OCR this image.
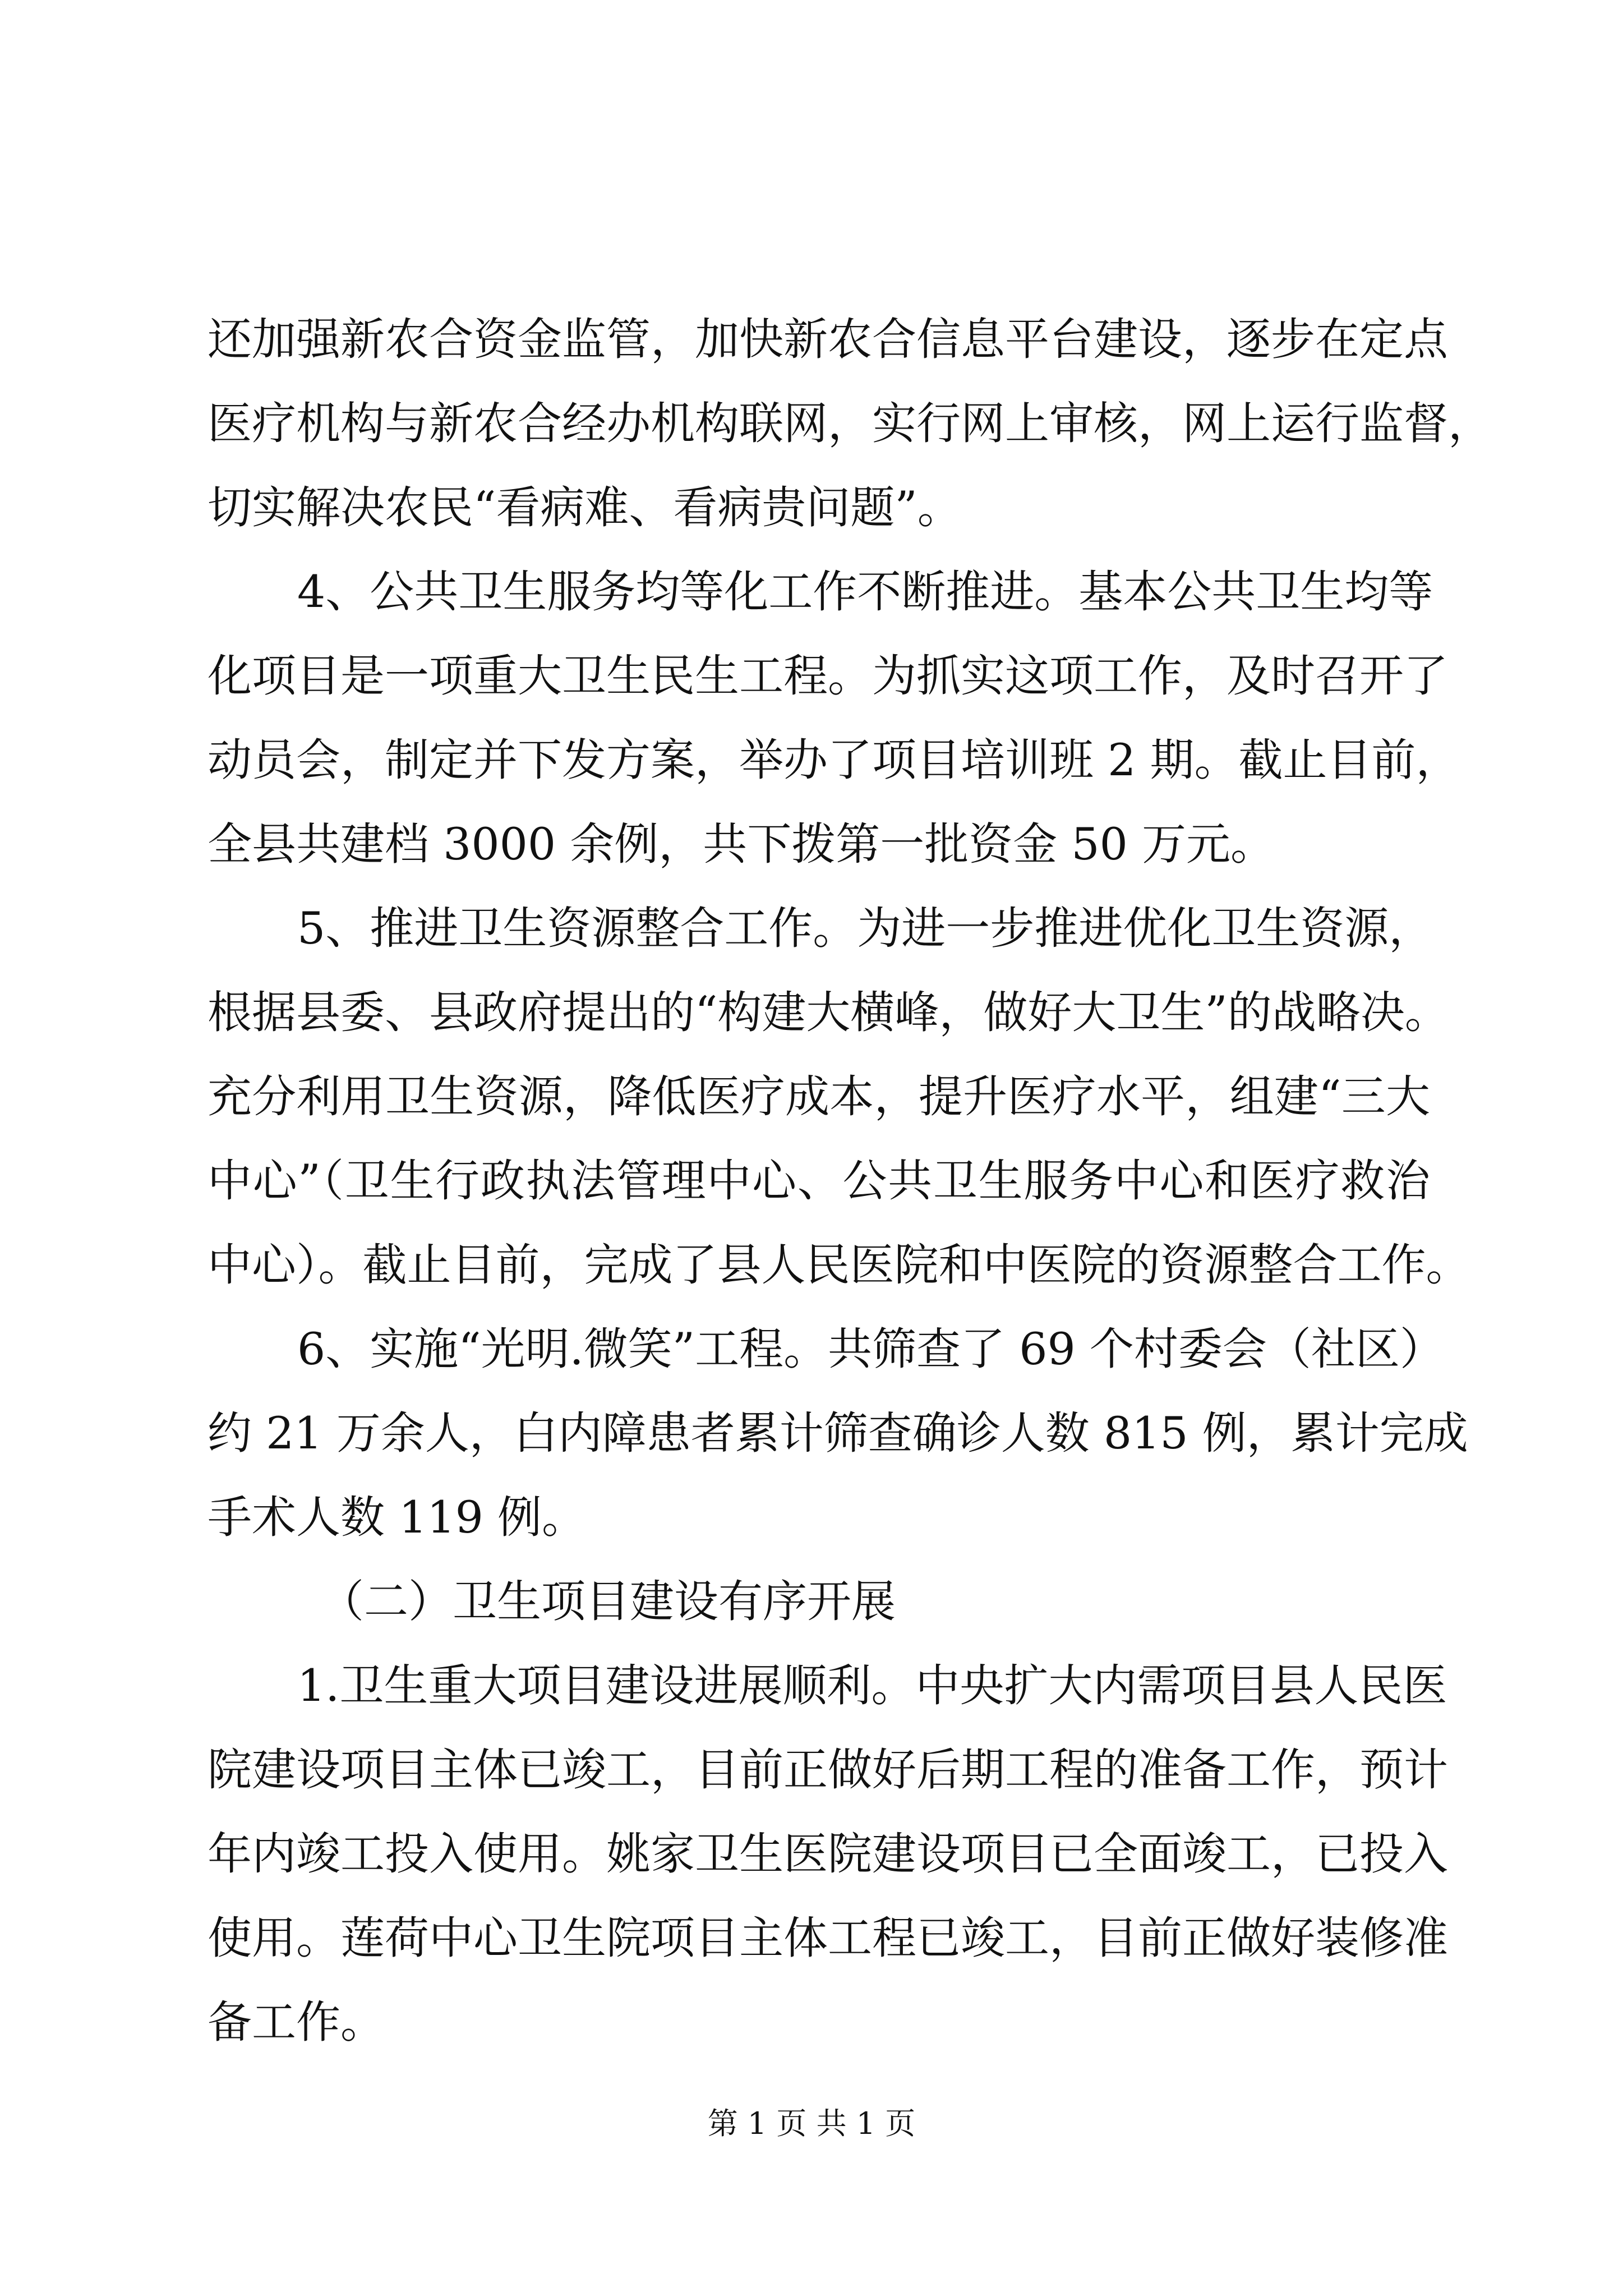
还加强新农合资金监管，加快新农合信息平台建设，逐步在定点
医疗机构与新农合经办机构联网，实行网上审核，网上运行监督，
切实解决农民“看病难、看病贵问题”。
4、公共卫生服务均等化工作不断推进。基本公共卫生均等
化项目是一项重大卫生民生工程。为抓实这项工作，及时召开了
动员会，制定并下发方案，举办了项目培训班 2 期。截止目前，
全县共建档 3000 余例，共下拨第一批资金 50 万元。
5、推进卫生资源整合工作。为进一步推进优化卫生资源，
根据县委、县政府提出的“构建大横峰，做好大卫生”的战略决。
充分利用卫生资源，降低医疗成本，提升医疗水平，组建“三大
中心”（卫生行政执法管理中心、公共卫生服务中心和医疗救治
中心）。截止目前，完成了县人民医院和中医院的资源整合工作。
6、实施“光明.微笑”工程。共筛查了 69 个村委会（社区）
约 21 万余人，白内障患者累计筛查确诊人数 815 例，累计完成
手术人数 119 例。
（二）卫生项目建设有序开展
1.卫生重大项目建设进展顺利。中央扩大内需项目县人民医
院建设项目主体已竣工，目前正做好后期工程的准备工作，预计
年内竣工投入使用。姚家卫生医院建设项目已全面竣工，已投入
使用。莲荷中心卫生院项目主体工程已竣工，目前正做好装修准
备工作。
第 1 页 共 1 页
